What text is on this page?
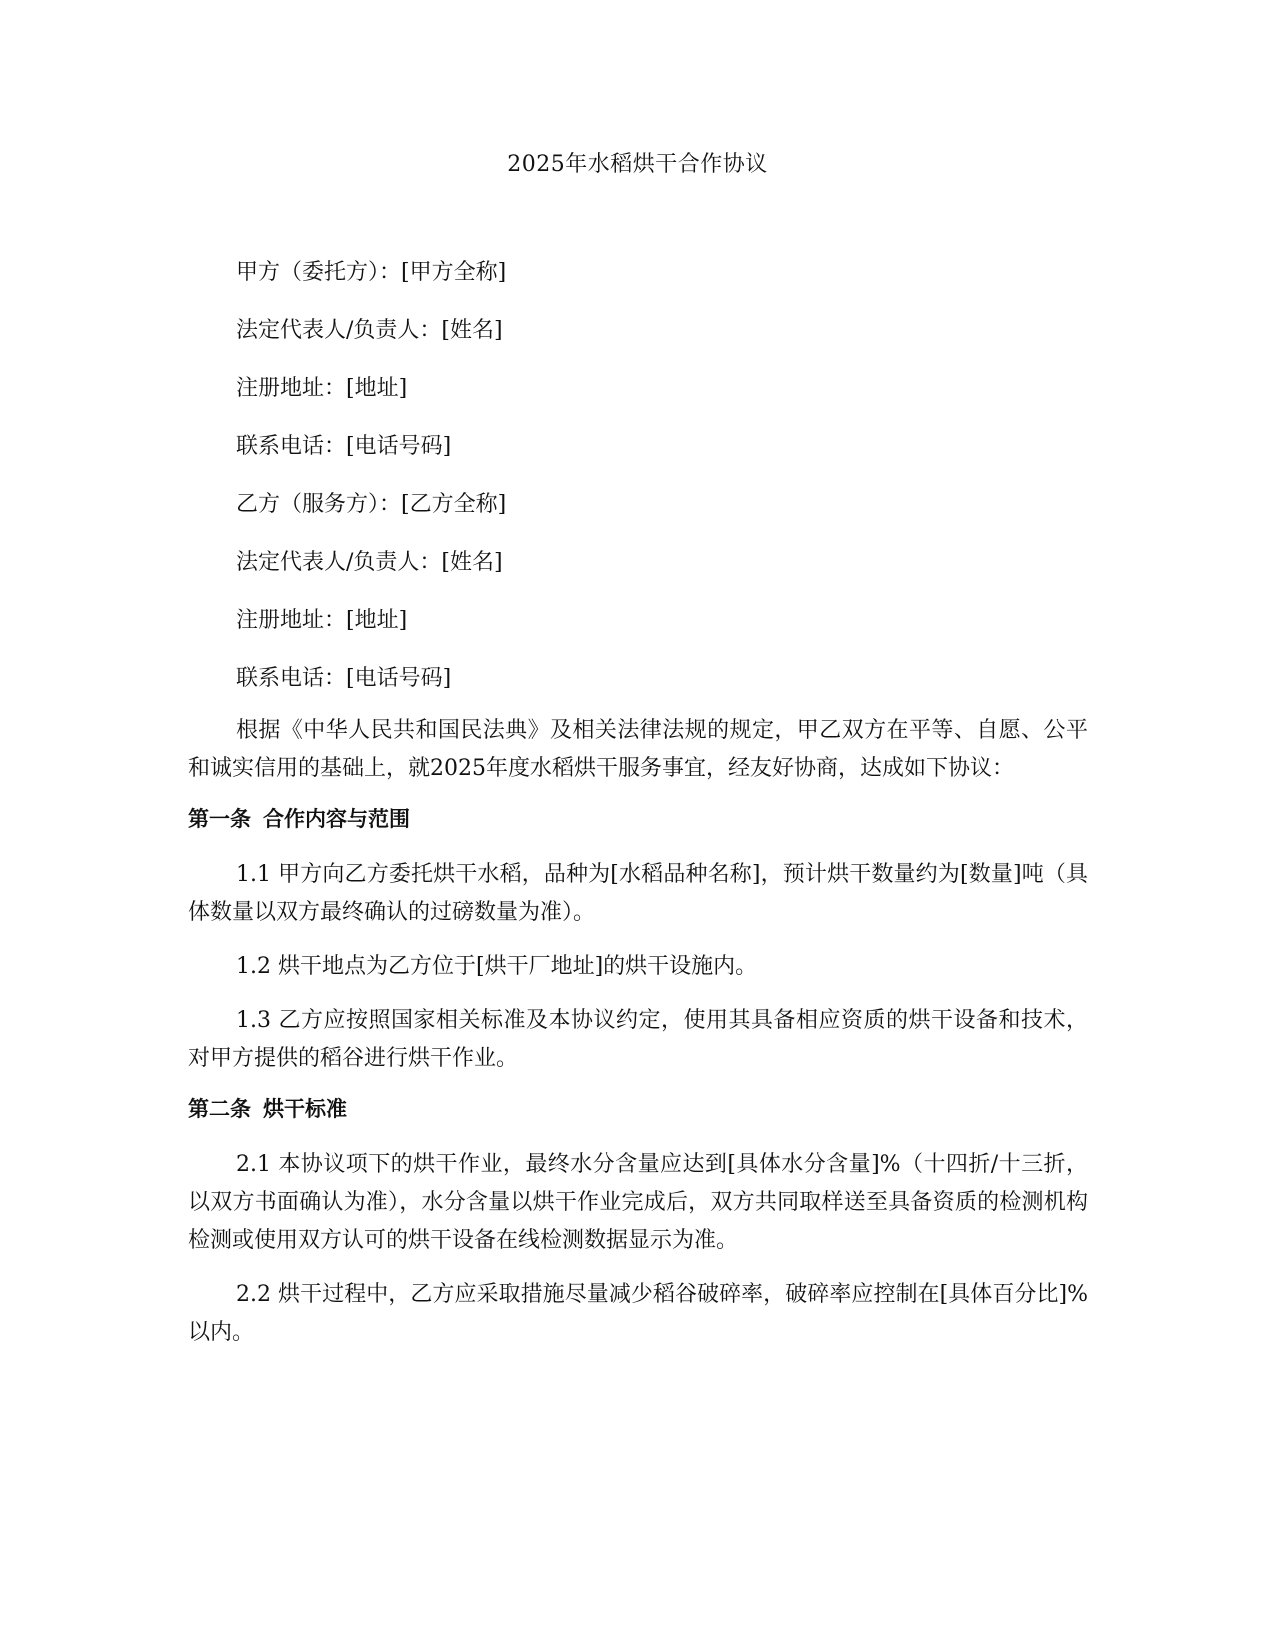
2025年水稻烘干合作协议
甲方（委托方）：[甲方全称]
法定代表人/负责人：[姓名]
注册地址：[地址]
联系电话：[电话号码]
乙方（服务方）：[乙方全称]
法定代表人/负责人：[姓名]
注册地址：[地址]
联系电话：[电话号码]
根据《中华人民共和国民法典》及相关法律法规的规定，甲乙双方在平等、自愿、公平和诚实信用的基础上，就2025年度水稻烘干服务事宜，经友好协商，达成如下协议：
第一条 合作内容与范围
1.1 甲方向乙方委托烘干水稻，品种为[水稻品种名称]，预计烘干数量约为[数量]吨（具体数量以双方最终确认的过磅数量为准）。
1.2 烘干地点为乙方位于[烘干厂地址]的烘干设施内。
1.3 乙方应按照国家相关标准及本协议约定，使用其具备相应资质的烘干设备和技术，对甲方提供的稻谷进行烘干作业。
第二条 烘干标准
2.1 本协议项下的烘干作业，最终水分含量应达到[具体水分含量]%（十四折/十三折，以双方书面确认为准），水分含量以烘干作业完成后，双方共同取样送至具备资质的检测机构检测或使用双方认可的烘干设备在线检测数据显示为准。
2.2 烘干过程中，乙方应采取措施尽量减少稻谷破碎率，破碎率应控制在[具体百分比]%以内。
